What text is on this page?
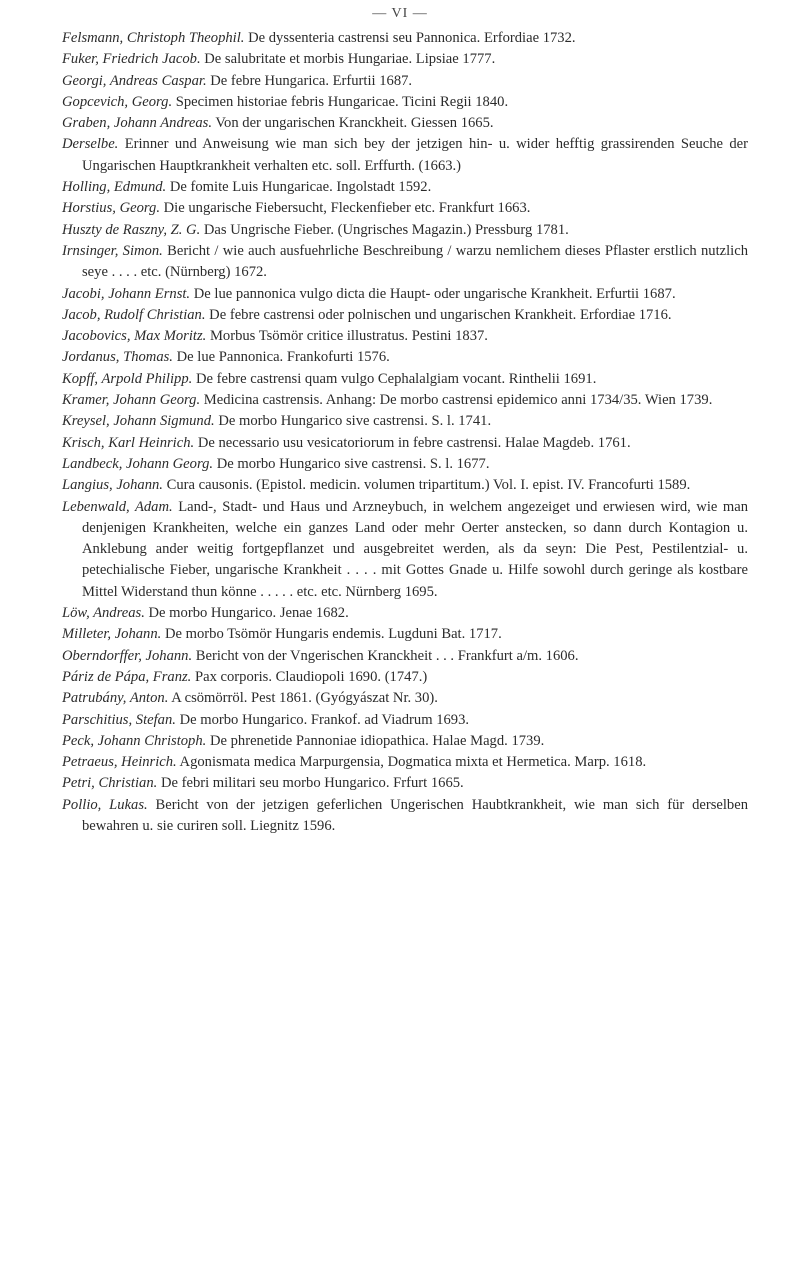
— VI —
Felsmann, Christoph Theophil. De dyssenteria castrensi seu Pannonica. Erfordiae 1732.
Fuker, Friedrich Jacob. De salubritate et morbis Hungariae. Lipsiae 1777.
Georgi, Andreas Caspar. De febre Hungarica. Erfurtii 1687.
Gopcevich, Georg. Specimen historiae febris Hungaricae. Ticini Regii 1840.
Graben, Johann Andreas. Von der ungarischen Kranckheit. Giessen 1665.
Derselbe. Erinner und Anweisung wie man sich bey der jetzigen hin- u. wider hefftig grassirenden Seuche der Ungarischen Hauptkrankheit verhalten etc. soll. Erffurth. (1663.)
Holling, Edmund. De fomite Luis Hungaricae. Ingolstadt 1592.
Horstius, Georg. Die ungarische Fiebersucht, Fleckenfieber etc. Frankfurt 1663.
Huszty de Raszny, Z. G. Das Ungrische Fieber. (Ungrisches Magazin.) Pressburg 1781.
Irnsinger, Simon. Bericht / wie auch ausfuehrliche Beschreibung / warzu nemlichem dieses Pflaster erstlich nutzlich seye . . . . etc. (Nürnberg) 1672.
Jacobi, Johann Ernst. De lue pannonica vulgo dicta die Haupt- oder ungarische Krankheit. Erfurtii 1687.
Jacob, Rudolf Christian. De febre castrensi oder polnischen und ungarischen Krankheit. Erfordiae 1716.
Jacobovics, Max Moritz. Morbus Tsömör critice illustratus. Pestini 1837.
Jordanus, Thomas. De lue Pannonica. Frankofurti 1576.
Kopff, Arpold Philipp. De febre castrensi quam vulgo Cephalalgiam vocant. Rinthelii 1691.
Kramer, Johann Georg. Medicina castrensis. Anhang: De morbo castrensi epidemico anni 1734/35. Wien 1739.
Kreysel, Johann Sigmund. De morbo Hungarico sive castrensi. S. l. 1741.
Krisch, Karl Heinrich. De necessario usu vesicatoriorum in febre castrensi. Halae Magdeb. 1761.
Landbeck, Johann Georg. De morbo Hungarico sive castrensi. S. l. 1677.
Langius, Johann. Cura causonis. (Epistol. medicin. volumen tripartitum.) Vol. I. epist. IV. Francofurti 1589.
Lebenwald, Adam. Land-, Stadt- und Haus und Arzneybuch, in welchem angezeiget und erwiesen wird, wie man denjenigen Krankheiten, welche ein ganzes Land oder mehr Oerter anstecken, so dann durch Kontagion u. Anklebung ander weitig fortgepflanzet und ausgebreitet werden, als da seyn: Die Pest, Pestilentzial- u. petechialische Fieber, ungarische Krankheit . . . . mit Gottes Gnade u. Hilfe sowohl durch geringe als kostbare Mittel Widerstand thun könne . . . . . etc. etc. Nürnberg 1695.
Löw, Andreas. De morbo Hungarico. Jenae 1682.
Milleter, Johann. De morbo Tsömör Hungaris endemis. Lugduni Bat. 1717.
Oberndorffer, Johann. Bericht von der Vngerischen Kranckheit . . . Frankfurt a/m. 1606.
Páriz de Pápa, Franz. Pax corporis. Claudiopoli 1690. (1747.)
Patrubány, Anton. A csömörröl. Pest 1861. (Gyógyászat Nr. 30).
Parschitius, Stefan. De morbo Hungarico. Frankof. ad Viadrum 1693.
Peck, Johann Christoph. De phrenetide Pannoniae idiopathica. Halae Magd. 1739.
Petraeus, Heinrich. Agonismata medica Marpurgensia, Dogmatica mixta et Hermetica. Marp. 1618.
Petri, Christian. De febri militari seu morbo Hungarico. Frfurt 1665.
Pollio, Lukas. Bericht von der jetzigen geferlichen Ungerischen Haubtkrankheit, wie man sich für derselben bewahren u. sie curiren soll. Liegnitz 1596.
